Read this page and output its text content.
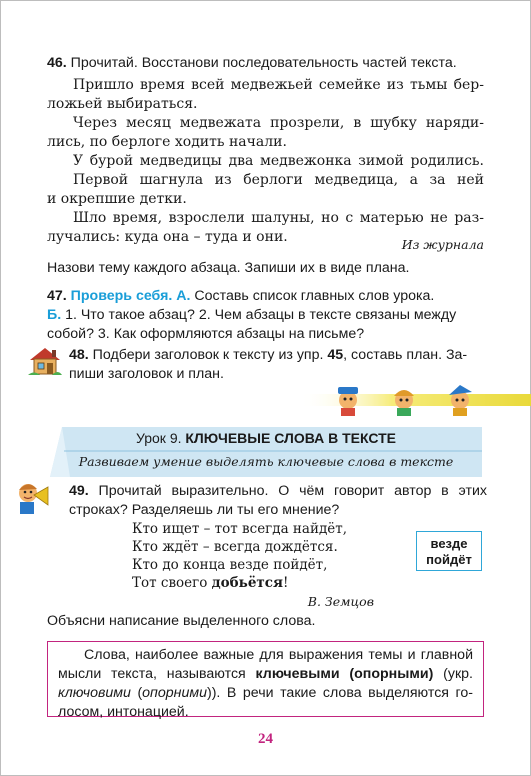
46. Прочитай. Восстанови последовательность частей текста.
Пришло время всей медвежьей семейке из тьмы бер-
ложьей выбираться.
Через месяц медвежата прозрели, в шубку наряди-
лись, по берлоге ходить начали.
У бурой медведицы два медвежонка зимой родились.
Первой шагнула из берлоги медведица, а за ней
и окрепшие детки.
Шло время, взрослели шалуны, но с матерью не раз-
лучались: куда она – туда и они.	Из журнала
Назови тему каждого абзаца. Запиши их в виде плана.
47. Проверь себя. А. Составь список главных слов урока.
Б. 1. Что такое абзац? 2. Чем абзацы в тексте связаны между
собой? 3. Как оформляются абзацы на письме?
48. Подбери заголовок к тексту из упр. 45, составь план. За-
пиши заголовок и план.
Урок 9. КЛЮЧЕВЫЕ СЛОВА В ТЕКСТЕ
Развиваем умение выделять ключевые слова в тексте
49. Прочитай выразительно. О чём говорит автор в этих
строках? Разделяешь ли ты его мнение?
Кто ищет – тот всегда найдёт,
Кто ждёт – всегда дождётся.
Кто до конца везде пойдёт,
Тот своего добьётся!
везде
пойдёт
В. Земцов
Объясни написание выделенного слова.
Слова, наиболее важные для выражения темы и главной
мысли текста, называются ключевыми (опорными) (укр.
ключовими (опорними)). В речи такие слова выделяются го-
лосом, интонацией.
24
